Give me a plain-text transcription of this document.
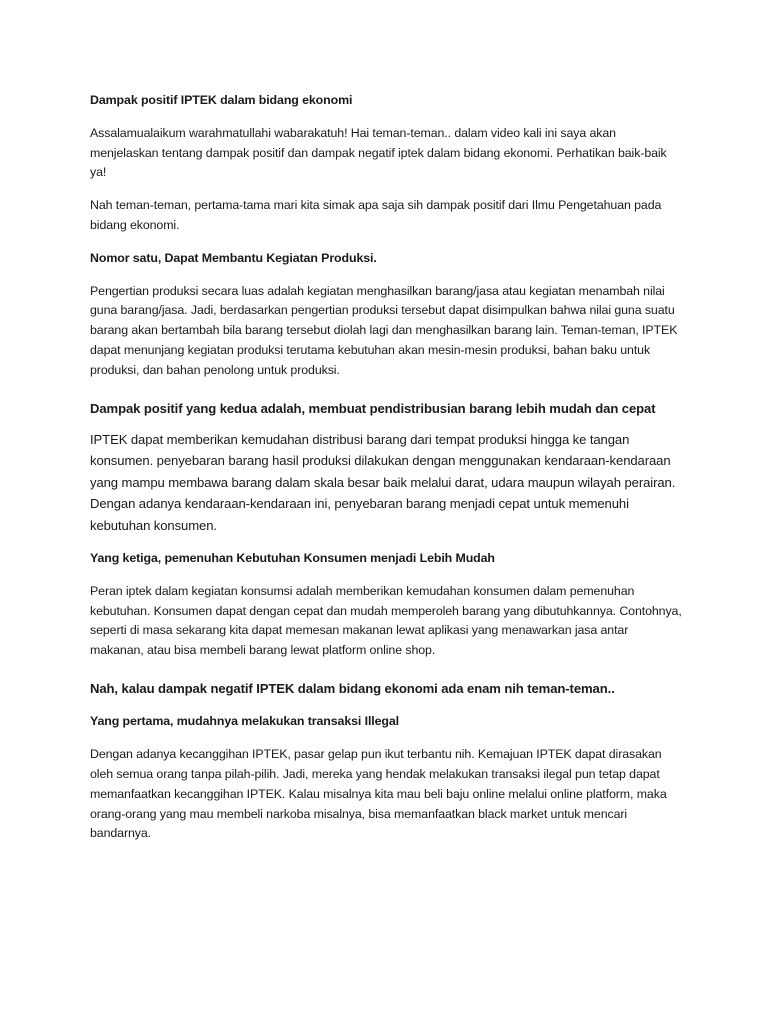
Dampak positif IPTEK dalam bidang ekonomi

Assalamualaikum warahmatullahi wabarakatuh! Hai teman-teman.. dalam video kali ini saya akan menjelaskan tentang dampak positif dan dampak negatif iptek dalam bidang ekonomi. Perhatikan baik-baik ya!

Nah teman-teman, pertama-tama mari kita simak apa saja sih dampak positif dari Ilmu Pengetahuan pada bidang ekonomi.

Nomor satu, Dapat Membantu Kegiatan Produksi.

Pengertian produksi secara luas adalah kegiatan menghasilkan barang/jasa atau kegiatan menambah nilai guna barang/jasa. Jadi, berdasarkan pengertian produksi tersebut dapat disimpulkan bahwa nilai guna suatu barang akan bertambah bila barang tersebut diolah lagi dan menghasilkan barang lain. Teman-teman, IPTEK dapat menunjang kegiatan produksi terutama kebutuhan akan mesin-mesin produksi, bahan baku untuk produksi, dan bahan penolong untuk produksi.

Dampak positif yang kedua adalah, membuat pendistribusian barang lebih mudah dan cepat

IPTEK dapat memberikan kemudahan distribusi barang dari tempat produksi hingga ke tangan konsumen. penyebaran barang hasil produksi dilakukan dengan menggunakan kendaraan-kendaraan yang mampu membawa barang dalam skala besar baik melalui darat, udara maupun wilayah perairan. Dengan adanya kendaraan-kendaraan ini, penyebaran barang menjadi cepat untuk memenuhi kebutuhan konsumen.

Yang ketiga, pemenuhan Kebutuhan Konsumen menjadi Lebih Mudah

Peran iptek dalam kegiatan konsumsi adalah memberikan kemudahan konsumen dalam pemenuhan kebutuhan. Konsumen dapat dengan cepat dan mudah memperoleh barang yang dibutuhkannya. Contohnya, seperti di masa sekarang kita dapat memesan makanan lewat aplikasi yang menawarkan jasa antar makanan, atau bisa membeli barang lewat platform online shop.

Nah, kalau dampak negatif IPTEK dalam bidang ekonomi ada enam nih teman-teman..

Yang pertama, mudahnya melakukan transaksi Illegal

Dengan adanya kecanggihan IPTEK, pasar gelap pun ikut terbantu nih. Kemajuan IPTEK dapat dirasakan oleh semua orang tanpa pilah-pilih. Jadi, mereka yang hendak melakukan transaksi ilegal pun tetap dapat memanfaatkan kecanggihan IPTEK. Kalau misalnya kita mau beli baju online melalui online platform, maka orang-orang yang mau membeli narkoba misalnya, bisa memanfaatkan black market untuk mencari bandarnya.
